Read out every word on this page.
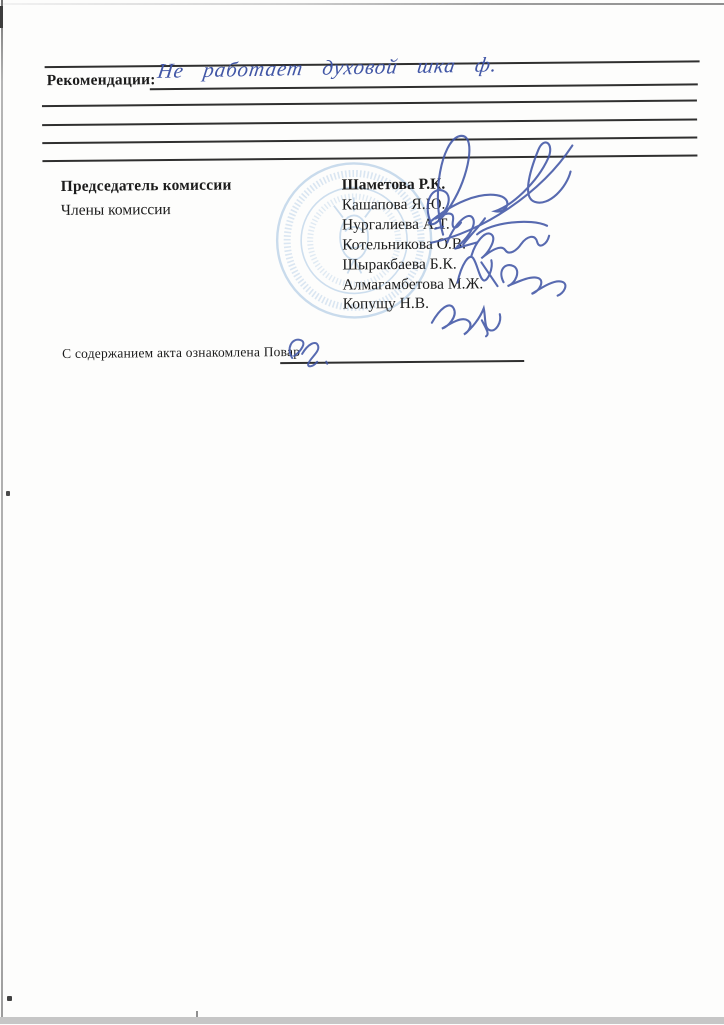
Рекомендации: Не работает духовой шка ф.
Председатель комиссии
Члены комиссии
Шаметова Р.К.
Кашапова Я.Ю.
Нургалиева А.Т.
Котельникова О.В.
Шыракбаева Б.К.
Алмагамбетова М.Ж.
Копущу Н.В.
С содержанием акта ознакомлена Повар
